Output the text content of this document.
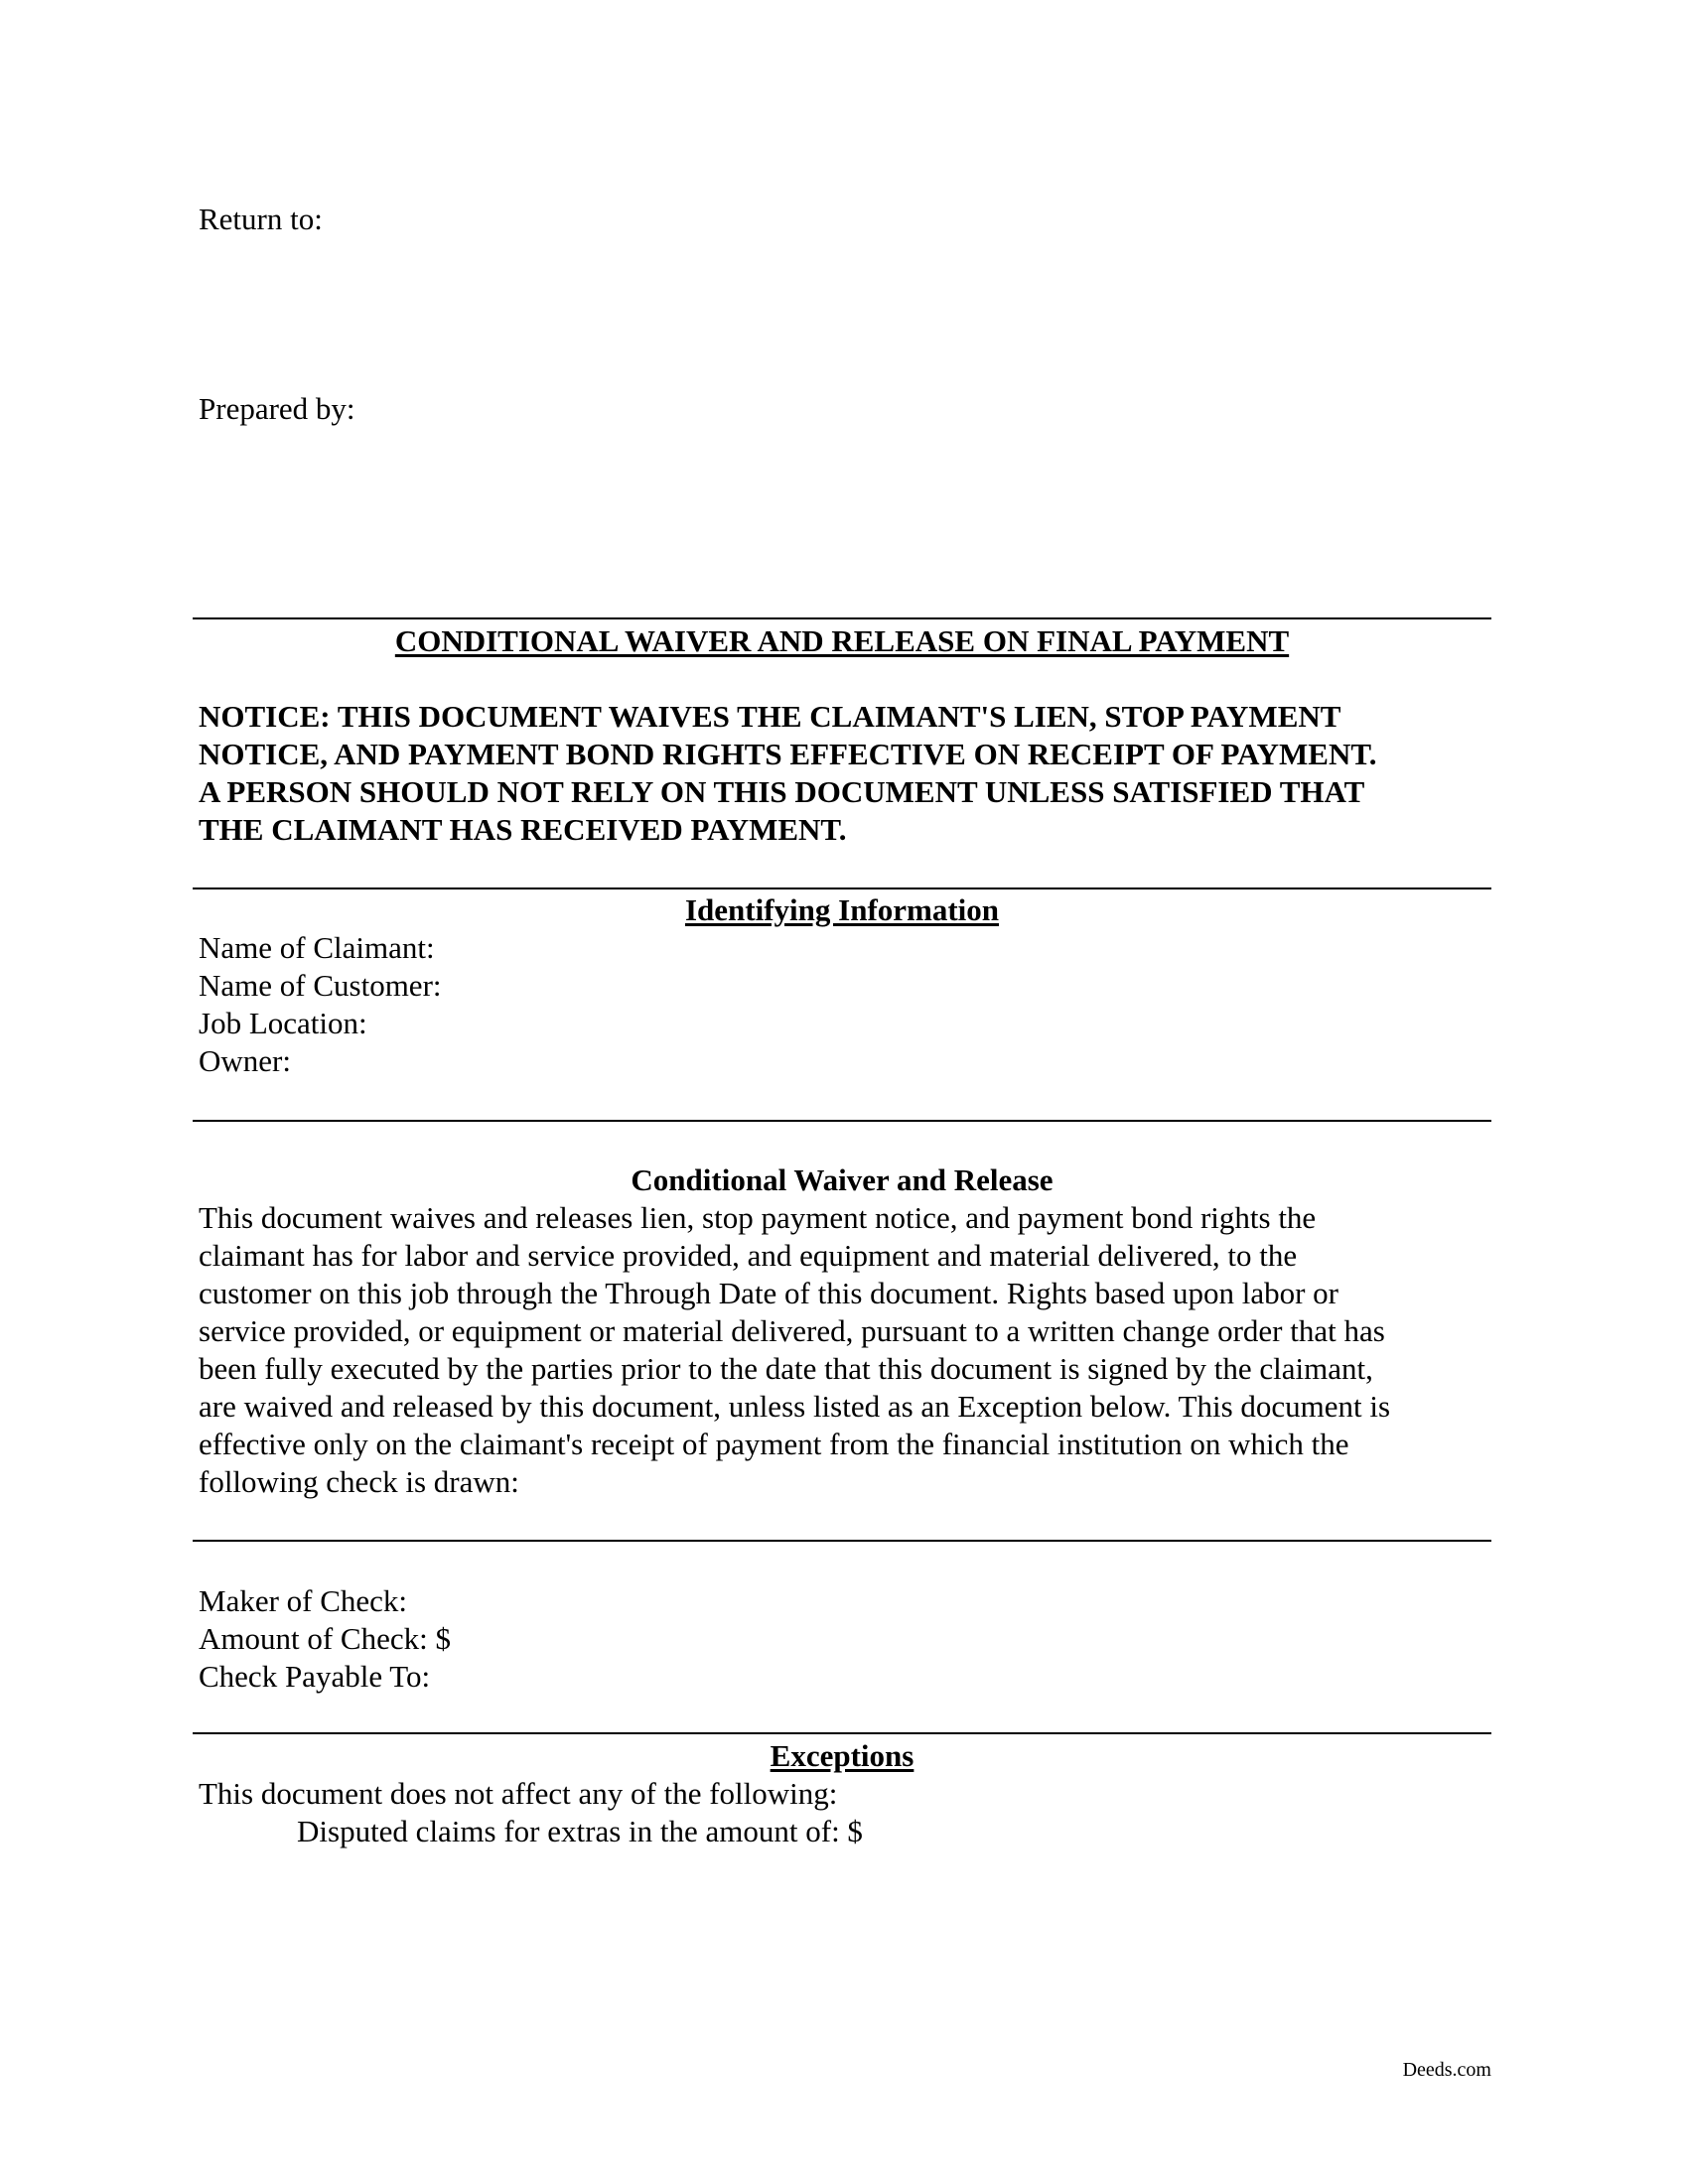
Return to:
Prepared by:
CONDITIONAL WAIVER AND RELEASE ON FINAL PAYMENT
NOTICE: THIS DOCUMENT WAIVES THE CLAIMANT'S LIEN, STOP PAYMENT
NOTICE, AND PAYMENT BOND RIGHTS EFFECTIVE ON RECEIPT OF PAYMENT.
A PERSON SHOULD NOT RELY ON THIS DOCUMENT UNLESS SATISFIED THAT
THE CLAIMANT HAS RECEIVED PAYMENT.
Identifying Information
Name of Claimant:
Name of Customer:
Job Location:
Owner:
Conditional Waiver and Release
This document waives and releases lien, stop payment notice, and payment bond rights the
claimant has for labor and service provided, and equipment and material delivered, to the
customer on this job through the Through Date of this document. Rights based upon labor or
service provided, or equipment or material delivered, pursuant to a written change order that has
been fully executed by the parties prior to the date that this document is signed by the claimant,
are waived and released by this document, unless listed as an Exception below. This document is
effective only on the claimant's receipt of payment from the financial institution on which the
following check is drawn:
Maker of Check:
Amount of Check: $
Check Payable To:
Exceptions
This document does not affect any of the following:
Disputed claims for extras in the amount of: $
Deeds.com
